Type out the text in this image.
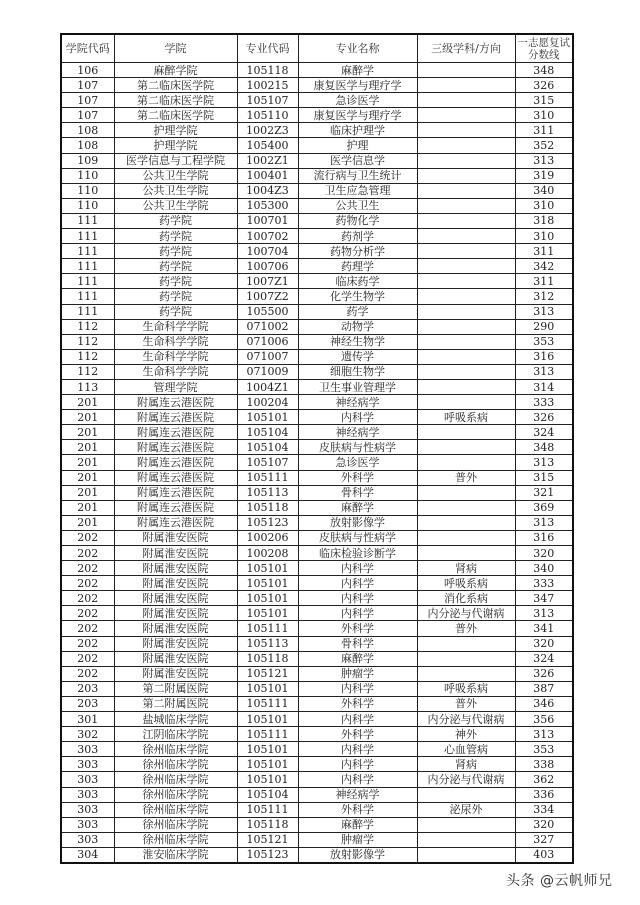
学院代码	学院	专业代码	专业名称	三级学科/方向	一志愿复试分数线
106	麻醉学院	105118	麻醉学		348
107	第二临床医学院	100215	康复医学与理疗学		326
107	第二临床医学院	105107	急诊医学		315
107	第二临床医学院	105110	康复医学与理疗学		310
108	护理学院	1002Z3	临床护理学		311
108	护理学院	105400	护理		352
109	医学信息与工程学院	1002Z1	医学信息学		313
110	公共卫生学院	100401	流行病与卫生统计		319
110	公共卫生学院	1004Z3	卫生应急管理		340
110	公共卫生学院	105300	公共卫生		310
111	药学院	100701	药物化学		318
111	药学院	100702	药剂学		310
111	药学院	100704	药物分析学		311
111	药学院	100706	药理学		342
111	药学院	1007Z1	临床药学		311
111	药学院	1007Z2	化学生物学		312
111	药学院	105500	药学		313
112	生命科学学院	071002	动物学		290
112	生命科学学院	071006	神经生物学		353
112	生命科学学院	071007	遗传学		316
112	生命科学学院	071009	细胞生物学		313
113	管理学院	1004Z1	卫生事业管理学		314
201	附属连云港医院	100204	神经病学		333
201	附属连云港医院	105101	内科学	呼吸系病	326
201	附属连云港医院	105104	神经病学		324
201	附属连云港医院	105104	皮肤病与性病学		348
201	附属连云港医院	105107	急诊医学		313
201	附属连云港医院	105111	外科学	普外	315
201	附属连云港医院	105113	骨科学		321
201	附属连云港医院	105118	麻醉学		369
201	附属连云港医院	105123	放射影像学		313
202	附属淮安医院	100206	皮肤病与性病学		316
202	附属淮安医院	100208	临床检验诊断学		320
202	附属淮安医院	105101	内科学	肾病	340
202	附属淮安医院	105101	内科学	呼吸系病	333
202	附属淮安医院	105101	内科学	消化系病	347
202	附属淮安医院	105101	内科学	内分泌与代谢病	313
202	附属淮安医院	105111	外科学	普外	341
202	附属淮安医院	105113	骨科学		320
202	附属淮安医院	105118	麻醉学		324
202	附属淮安医院	105121	肿瘤学		326
203	第二附属医院	105101	内科学	呼吸系病	387
203	第二附属医院	105111	外科学	普外	346
301	盐城临床学院	105101	内科学	内分泌与代谢病	356
302	江阴临床学院	105111	外科学	神外	313
303	徐州临床学院	105101	内科学	心血管病	353
303	徐州临床学院	105101	内科学	肾病	338
303	徐州临床学院	105101	内科学	内分泌与代谢病	362
303	徐州临床学院	105104	神经病学		336
303	徐州临床学院	105111	外科学	泌尿外	334
303	徐州临床学院	105118	麻醉学		320
303	徐州临床学院	105121	肿瘤学		327
304	淮安临床学院	105123	放射影像学		403
头条 @云帆师兄
